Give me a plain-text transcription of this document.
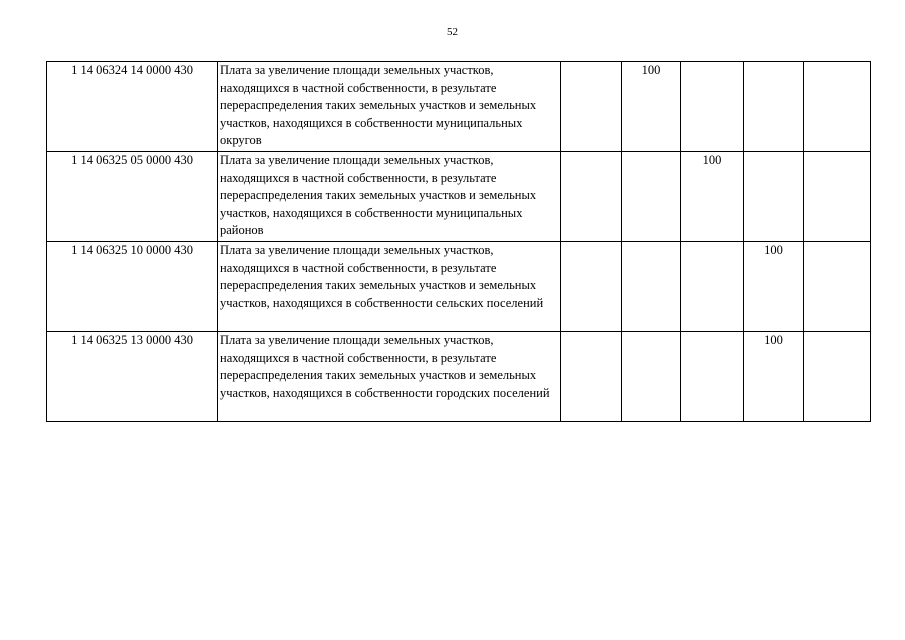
52
1 14 06324 14 0000 430	Плата за увеличение площади земельных участков, находящихся в частной собственности, в результате перераспределения таких земельных участков и земельных участков, находящихся в собственности муниципальных округов		100			
1 14 06325 05 0000 430	Плата за увеличение площади земельных участков, находящихся в частной собственности, в результате перераспределения таких земельных участков и земельных участков, находящихся в собственности муниципальных районов			100		
1 14 06325 10 0000 430	Плата за увеличение площади земельных участков, находящихся в частной собственности, в результате перераспределения таких земельных участков и земельных участков, находящихся в собственности сельских поселений				100	
1 14 06325 13 0000 430	Плата за увеличение площади земельных участков, находящихся в частной собственности, в результате перераспределения таких земельных участков и земельных участков, находящихся в собственности городских поселений				100	
